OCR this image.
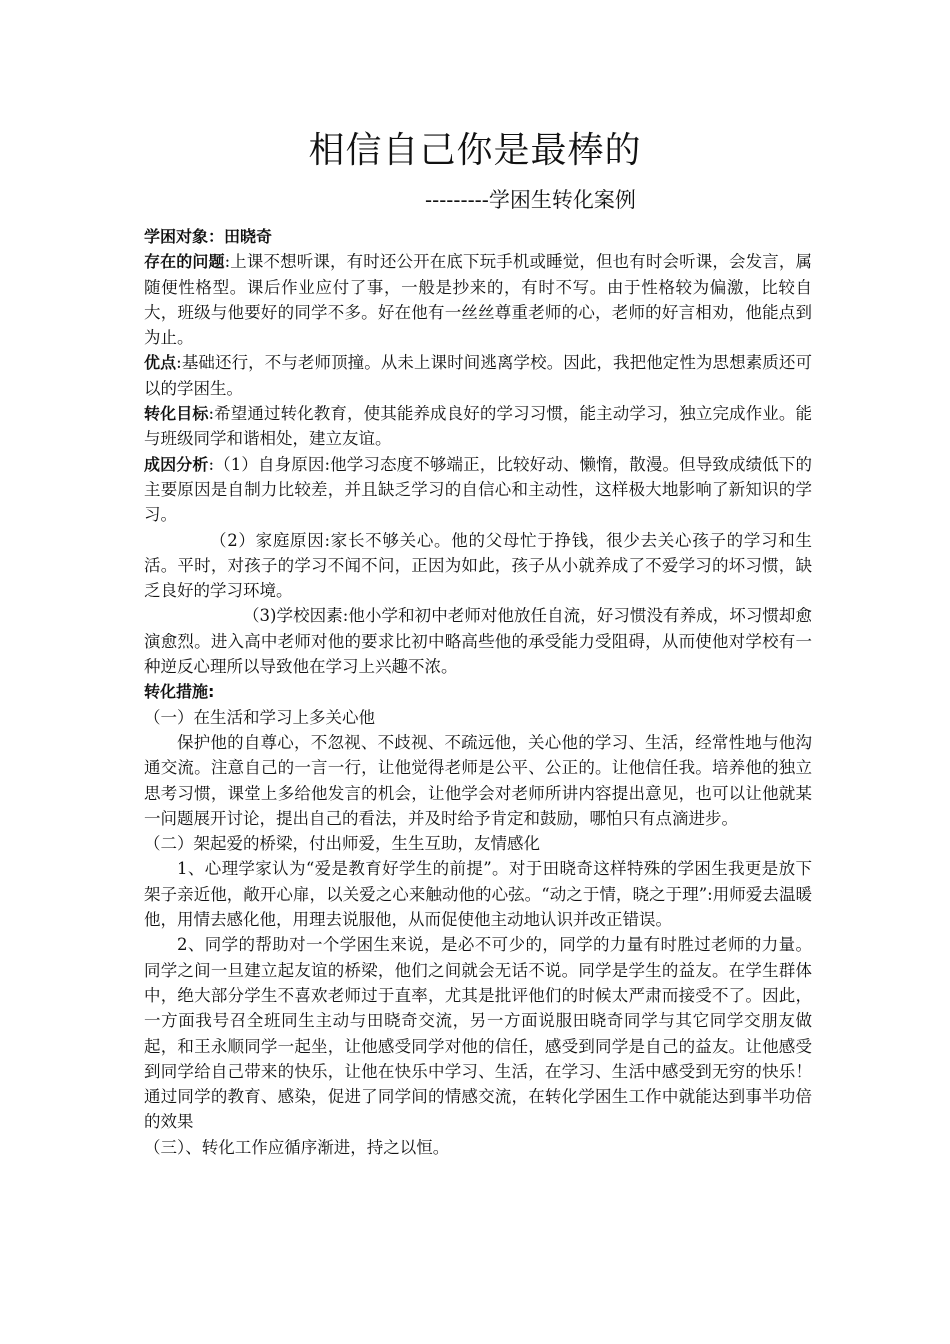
相信自己你是最棒的
---------学困生转化案例

学困对象：田晓奇

存在的问题:上课不想听课，有时还公开在底下玩手机或睡觉，但也有时会听课，会发言，属随便性格型。课后作业应付了事，一般是抄来的，有时不写。由于性格较为偏激，比较自大，班级与他要好的同学不多。好在他有一丝丝尊重老师的心，老师的好言相劝，他能点到为止。

优点:基础还行，不与老师顶撞。从未上课时间逃离学校。因此，我把他定性为思想素质还可以的学困生。

转化目标:希望通过转化教育，使其能养成良好的学习习惯，能主动学习，独立完成作业。能与班级同学和谐相处，建立友谊。

成因分析:（1）自身原因:他学习态度不够端正，比较好动、懒惰，散漫。但导致成绩低下的主要原因是自制力比较差，并且缺乏学习的自信心和主动性，这样极大地影响了新知识的学习。

（2）家庭原因:家长不够关心。他的父母忙于挣钱，很少去关心孩子的学习和生活。平时，对孩子的学习不闻不问，正因为如此，孩子从小就养成了不爱学习的坏习惯，缺乏良好的学习环境。

（3)学校因素:他小学和初中老师对他放任自流，好习惯没有养成，坏习惯却愈演愈烈。进入高中老师对他的要求比初中略高些他的承受能力受阻碍，从而使他对学校有一种逆反心理所以导致他在学习上兴趣不浓。

转化措施:

（一）在生活和学习上多关心他

保护他的自尊心，不忽视、不歧视、不疏远他，关心他的学习、生活，经常性地与他沟通交流。注意自己的一言一行，让他觉得老师是公平、公正的。让他信任我。培养他的独立思考习惯，课堂上多给他发言的机会，让他学会对老师所讲内容提出意见，也可以让他就某一问题展开讨论，提出自己的看法，并及时给予肯定和鼓励，哪怕只有点滴进步。

（二）架起爱的桥梁，付出师爱，生生互助，友情感化

1、心理学家认为“爱是教育好学生的前提”。对于田晓奇这样特殊的学困生我更是放下架子亲近他，敞开心扉，以关爱之心来触动他的心弦。“动之于情，晓之于理”:用师爱去温暖他，用情去感化他，用理去说服他，从而促使他主动地认识并改正错误。

2、同学的帮助对一个学困生来说，是必不可少的，同学的力量有时胜过老师的力量。同学之间一旦建立起友谊的桥梁，他们之间就会无话不说。同学是学生的益友。在学生群体中，绝大部分学生不喜欢老师过于直率，尤其是批评他们的时候太严肃而接受不了。因此，一方面我号召全班同生主动与田晓奇交流，另一方面说服田晓奇同学与其它同学交朋友做起，和王永顺同学一起坐，让他感受同学对他的信任，感受到同学是自己的益友。让他感受到同学给自己带来的快乐，让他在快乐中学习、生活，在学习、生活中感受到无穷的快乐！通过同学的教育、感染，促进了同学间的情感交流，在转化学困生工作中就能达到事半功倍的效果

（三）、转化工作应循序渐进，持之以恒。
